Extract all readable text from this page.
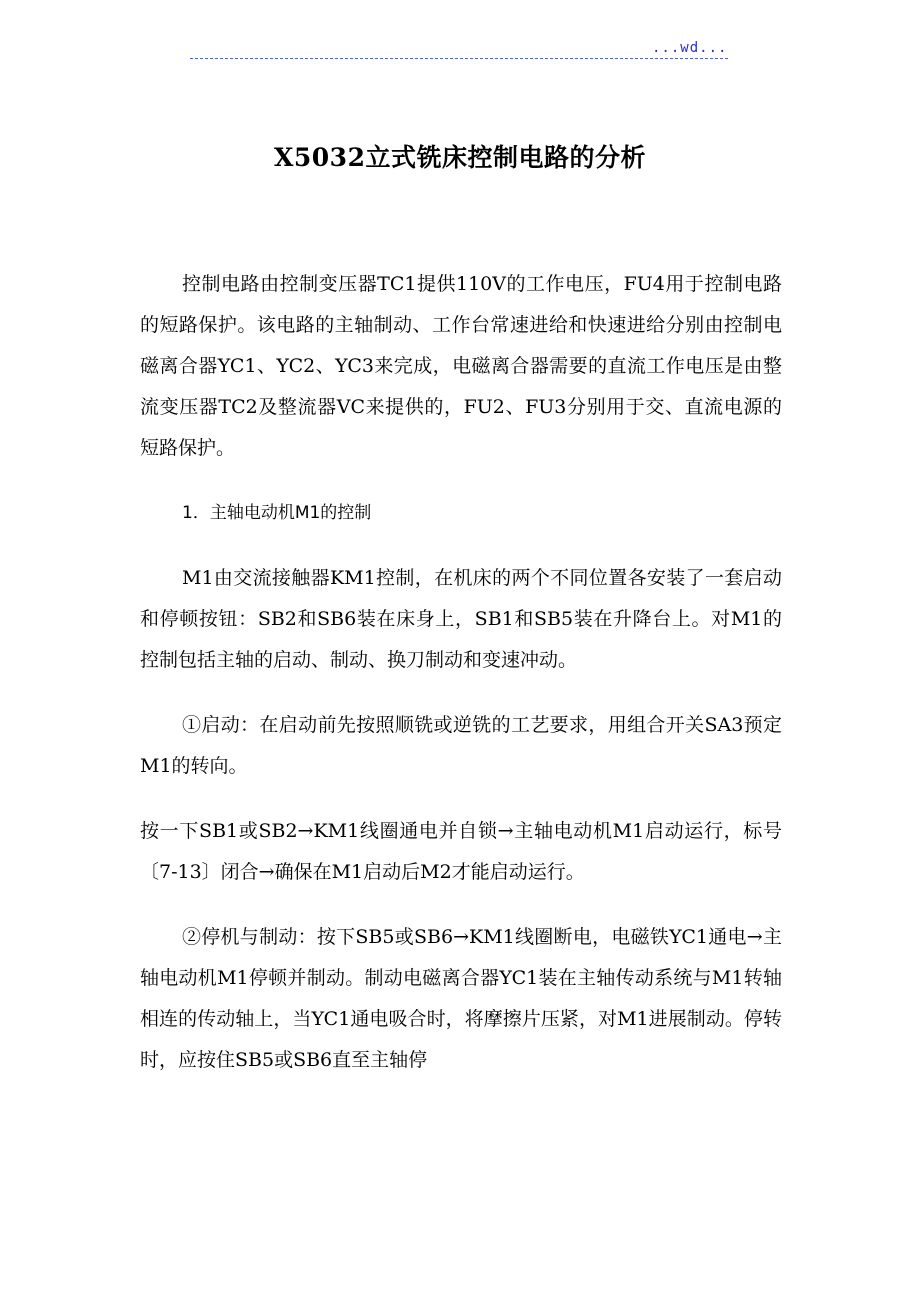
...wd...
X5032立式铣床控制电路的分析

控制电路由控制变压器TC1提供110V的工作电压，FU4用于控制电路的短路保护。该电路的主轴制动、工作台常速进给和快速进给分别由控制电磁离合器YC1、YC2、YC3来完成，电磁离合器需要的直流工作电压是由整流变压器TC2及整流器VC来提供的，FU2、FU3分别用于交、直流电源的短路保护。

1．主轴电动机M1的控制

M1由交流接触器KM1控制，在机床的两个不同位置各安装了一套启动和停顿按钮：SB2和SB6装在床身上，SB1和SB5装在升降台上。对M1的控制包括主轴的启动、制动、换刀制动和变速冲动。

①启动：在启动前先按照顺铣或逆铣的工艺要求，用组合开关SA3预定M1的转向。

按一下SB1或SB2→KM1线圈通电并自锁→主轴电动机M1启动运行，标号〔7-13〕闭合→确保在M1启动后M2才能启动运行。

②停机与制动：按下SB5或SB6→KM1线圈断电，电磁铁YC1通电→主轴电动机M1停顿并制动。制动电磁离合器YC1装在主轴传动系统与M1转轴相连的传动轴上，当YC1通电吸合时，将摩擦片压紧，对M1进展制动。停转时，应按住SB5或SB6直至主轴停
